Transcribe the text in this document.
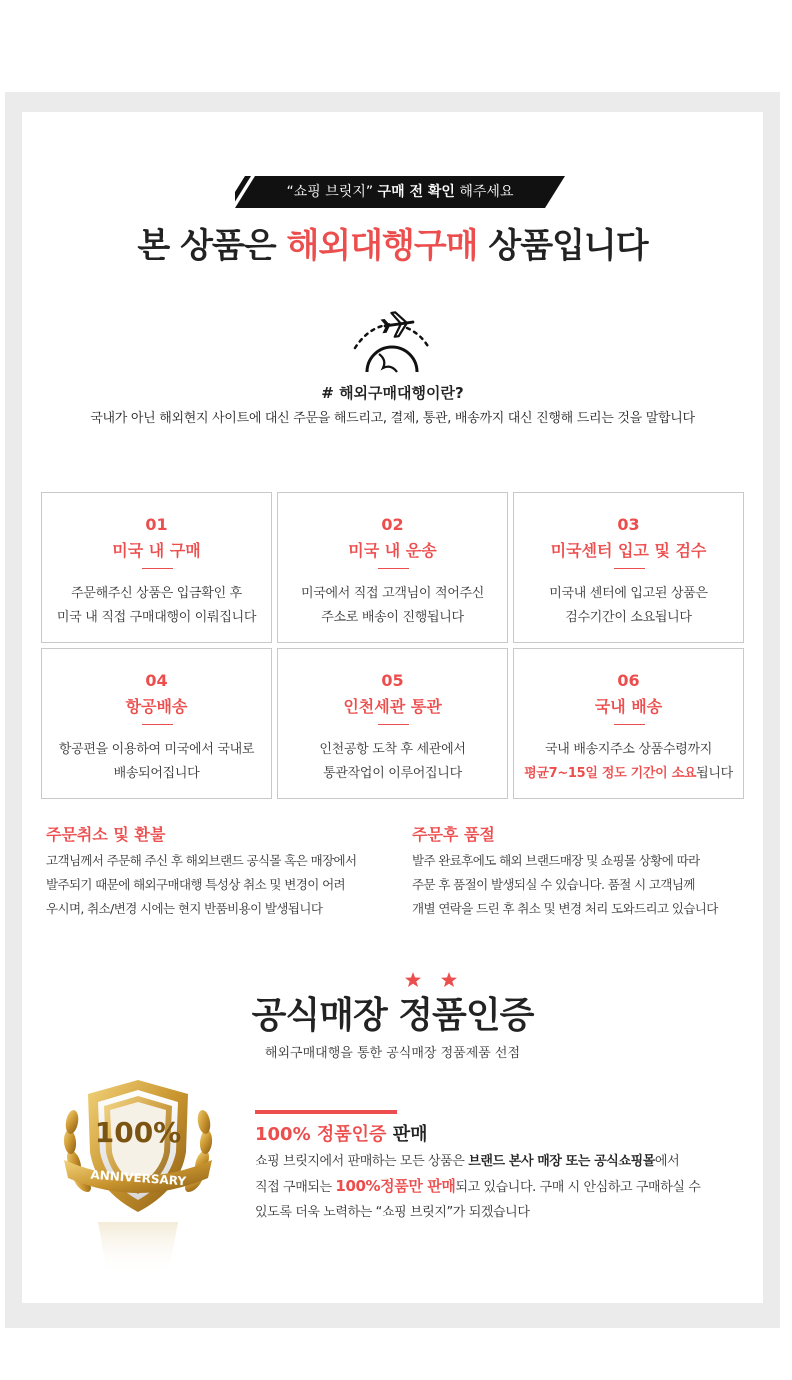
“쇼핑 브릿지” 구매 전 확인 해주세요
본 상품은 해외대행구매 상품입니다
# 해외구매대행이란?
국내가 아닌 해외현지 사이트에 대신 주문을 해드리고, 결제, 통관, 배송까지 대신 진행해 드리는 것을 말합니다
01
미국 내 구매
주문해주신 상품은 입금확인 후
미국 내 직접 구매대행이 이뤄집니다
02
미국 내 운송
미국에서 직접 고객님이 적어주신
주소로 배송이 진행됩니다
03
미국센터 입고 및 검수
미국내 센터에 입고된 상품은
검수기간이 소요됩니다
04
항공배송
항공편을 이용하여 미국에서 국내로
배송되어집니다
05
인천세관 통관
인천공항 도착 후 세관에서
통관작업이 이루어집니다
06
국내 배송
국내 배송지주소 상품수령까지
평균7~15일 정도 기간이 소요됩니다
주문취소 및 환불
고객님께서 주문해 주신 후 해외브랜드 공식몰 혹은 매장에서
발주되기 때문에 해외구매대행 특성상 취소 및 변경이 어려
우시며, 취소/변경 시에는 현지 반품비용이 발생됩니다
주문후 품절
발주 완료후에도 해외 브랜드매장 및 쇼핑몰 상황에 따라
주문 후 품절이 발생되실 수 있습니다. 품절 시 고객님께
개별 연락을 드린 후 취소 및 변경 처리 도와드리고 있습니다
공식매장 정품인증
해외구매대행을 통한 공식매장 정품제품 선점
100%
ANNIVERSARY
100% 정품인증 판매
쇼핑 브릿지에서 판매하는 모든 상품은 브랜드 본사 매장 또는 공식쇼핑몰에서
직접 구매되는 100%정품만 판매되고 있습니다. 구매 시 안심하고 구매하실 수
있도록 더욱 노력하는 “쇼핑 브릿지”가 되겠습니다
